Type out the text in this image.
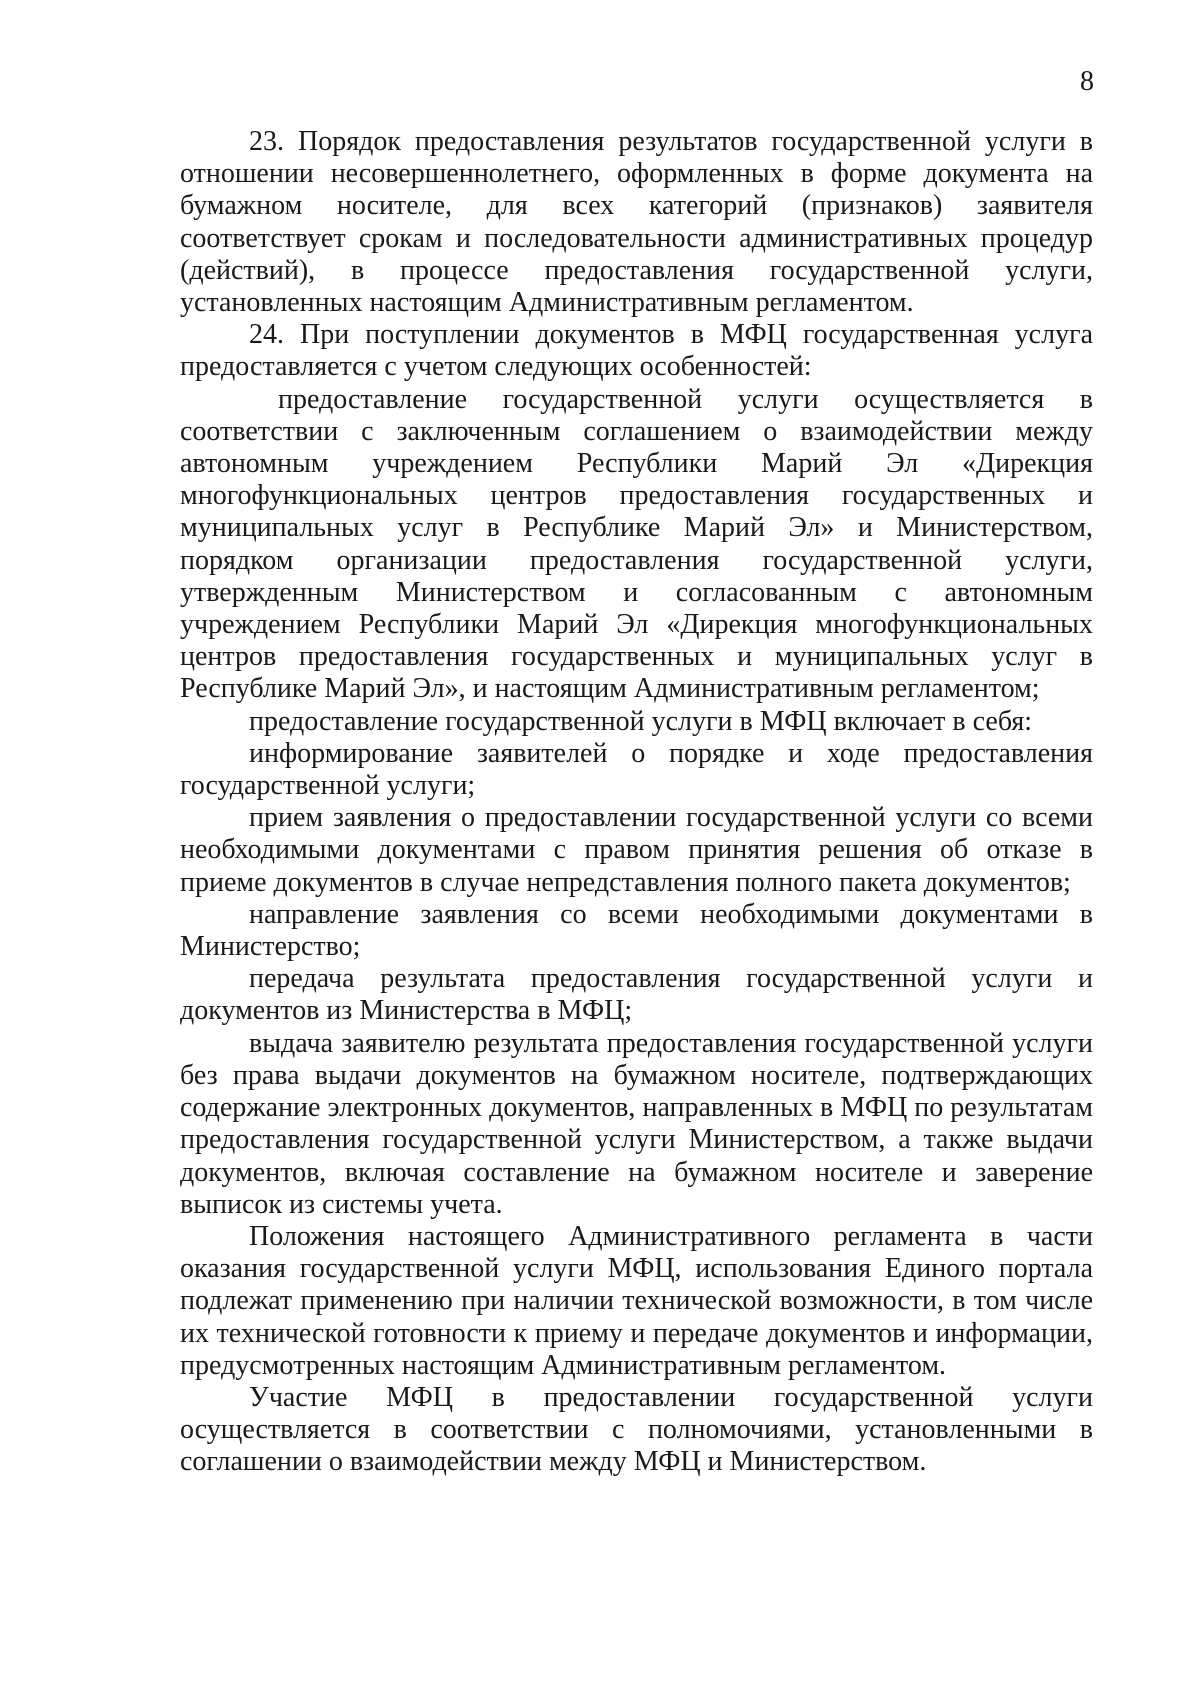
8

23. Порядок предоставления результатов государственной услуги в отношении несовершеннолетнего, оформленных в форме документа на бумажном носителе, для всех категорий (признаков) заявителя соответствует срокам и последовательности административных процедур (действий), в процессе предоставления государственной услуги, установленных настоящим Административным регламентом.

24. При поступлении документов в МФЦ государственная услуга предоставляется с учетом следующих особенностей:

предоставление государственной услуги осуществляется в соответствии с заключенным соглашением о взаимодействии между автономным учреждением Республики Марий Эл «Дирекция многофункциональных центров предоставления государственных и муниципальных услуг в Республике Марий Эл» и Министерством, порядком организации предоставления государственной услуги, утвержденным Министерством и согласованным с автономным учреждением Республики Марий Эл «Дирекция многофункциональных центров предоставления государственных и муниципальных услуг в Республике Марий Эл», и настоящим Административным регламентом;

предоставление государственной услуги в МФЦ включает в себя:

информирование заявителей о порядке и ходе предоставления государственной услуги;

прием заявления о предоставлении государственной услуги со всеми необходимыми документами с правом принятия решения об отказе в приеме документов в случае непредставления полного пакета документов;

направление заявления со всеми необходимыми документами в Министерство;

передача результата предоставления государственной услуги и документов из Министерства в МФЦ;

выдача заявителю результата предоставления государственной услуги без права выдачи документов на бумажном носителе, подтверждающих содержание электронных документов, направленных в МФЦ по результатам предоставления государственной услуги Министерством, а также выдачи документов, включая составление на бумажном носителе и заверение выписок из системы учета.

Положения настоящего Административного регламента в части оказания государственной услуги МФЦ, использования Единого портала подлежат применению при наличии технической возможности, в том числе их технической готовности к приему и передаче документов и информации, предусмотренных настоящим Административным регламентом.

Участие МФЦ в предоставлении государственной услуги осуществляется в соответствии с полномочиями, установленными в соглашении о взаимодействии между МФЦ и Министерством.
